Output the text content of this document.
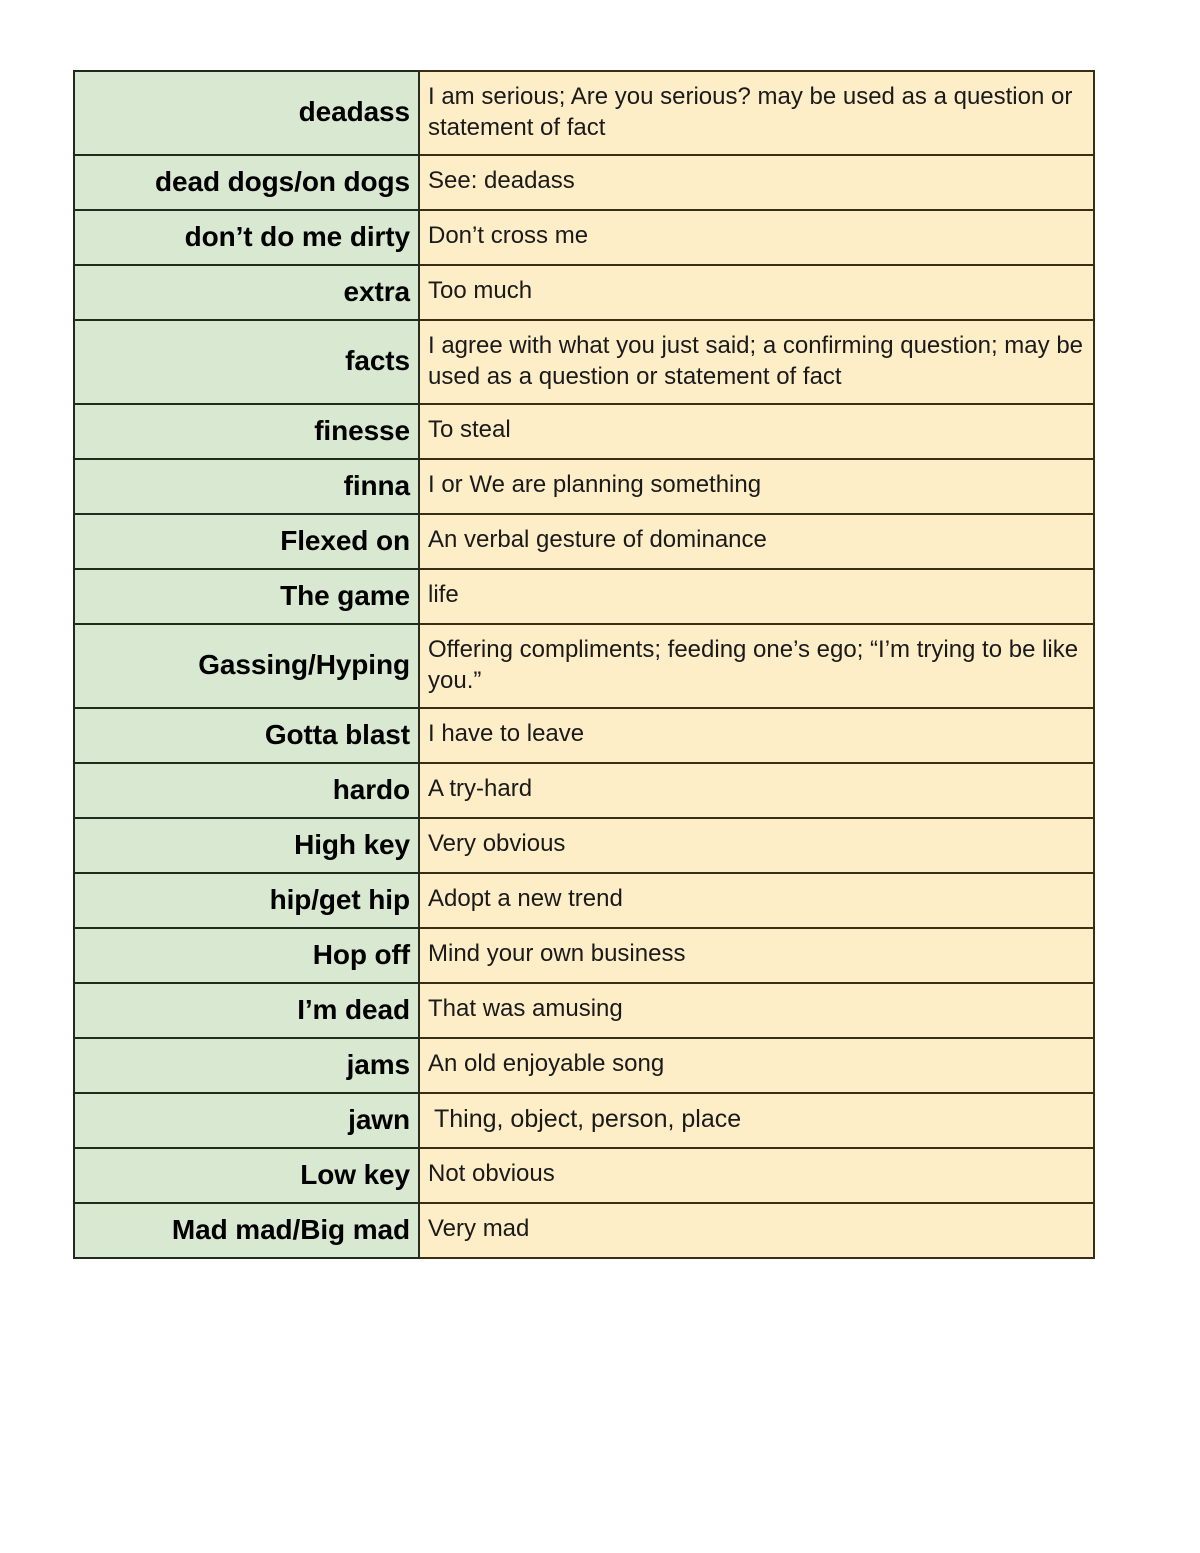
deadass	I am serious; Are you serious? may be used as a question or statement of fact
dead dogs/on dogs	See: deadass
don’t do me dirty	Don’t cross me
extra	Too much
facts	I agree with what you just said; a confirming question; may be used as a question or statement of fact
finesse	To steal
finna	I or We are planning something
Flexed on	An verbal gesture of dominance
The game	life
Gassing/Hyping	Offering compliments; feeding one’s ego; “I’m trying to be like you.”
Gotta blast	I have to leave
hardo	A try-hard
High key	Very obvious
hip/get hip	Adopt a new trend
Hop off	Mind your own business
I’m dead	That was amusing
jams	An old enjoyable song
jawn	Thing, object, person, place
Low key	Not obvious
Mad mad/Big mad	Very mad
